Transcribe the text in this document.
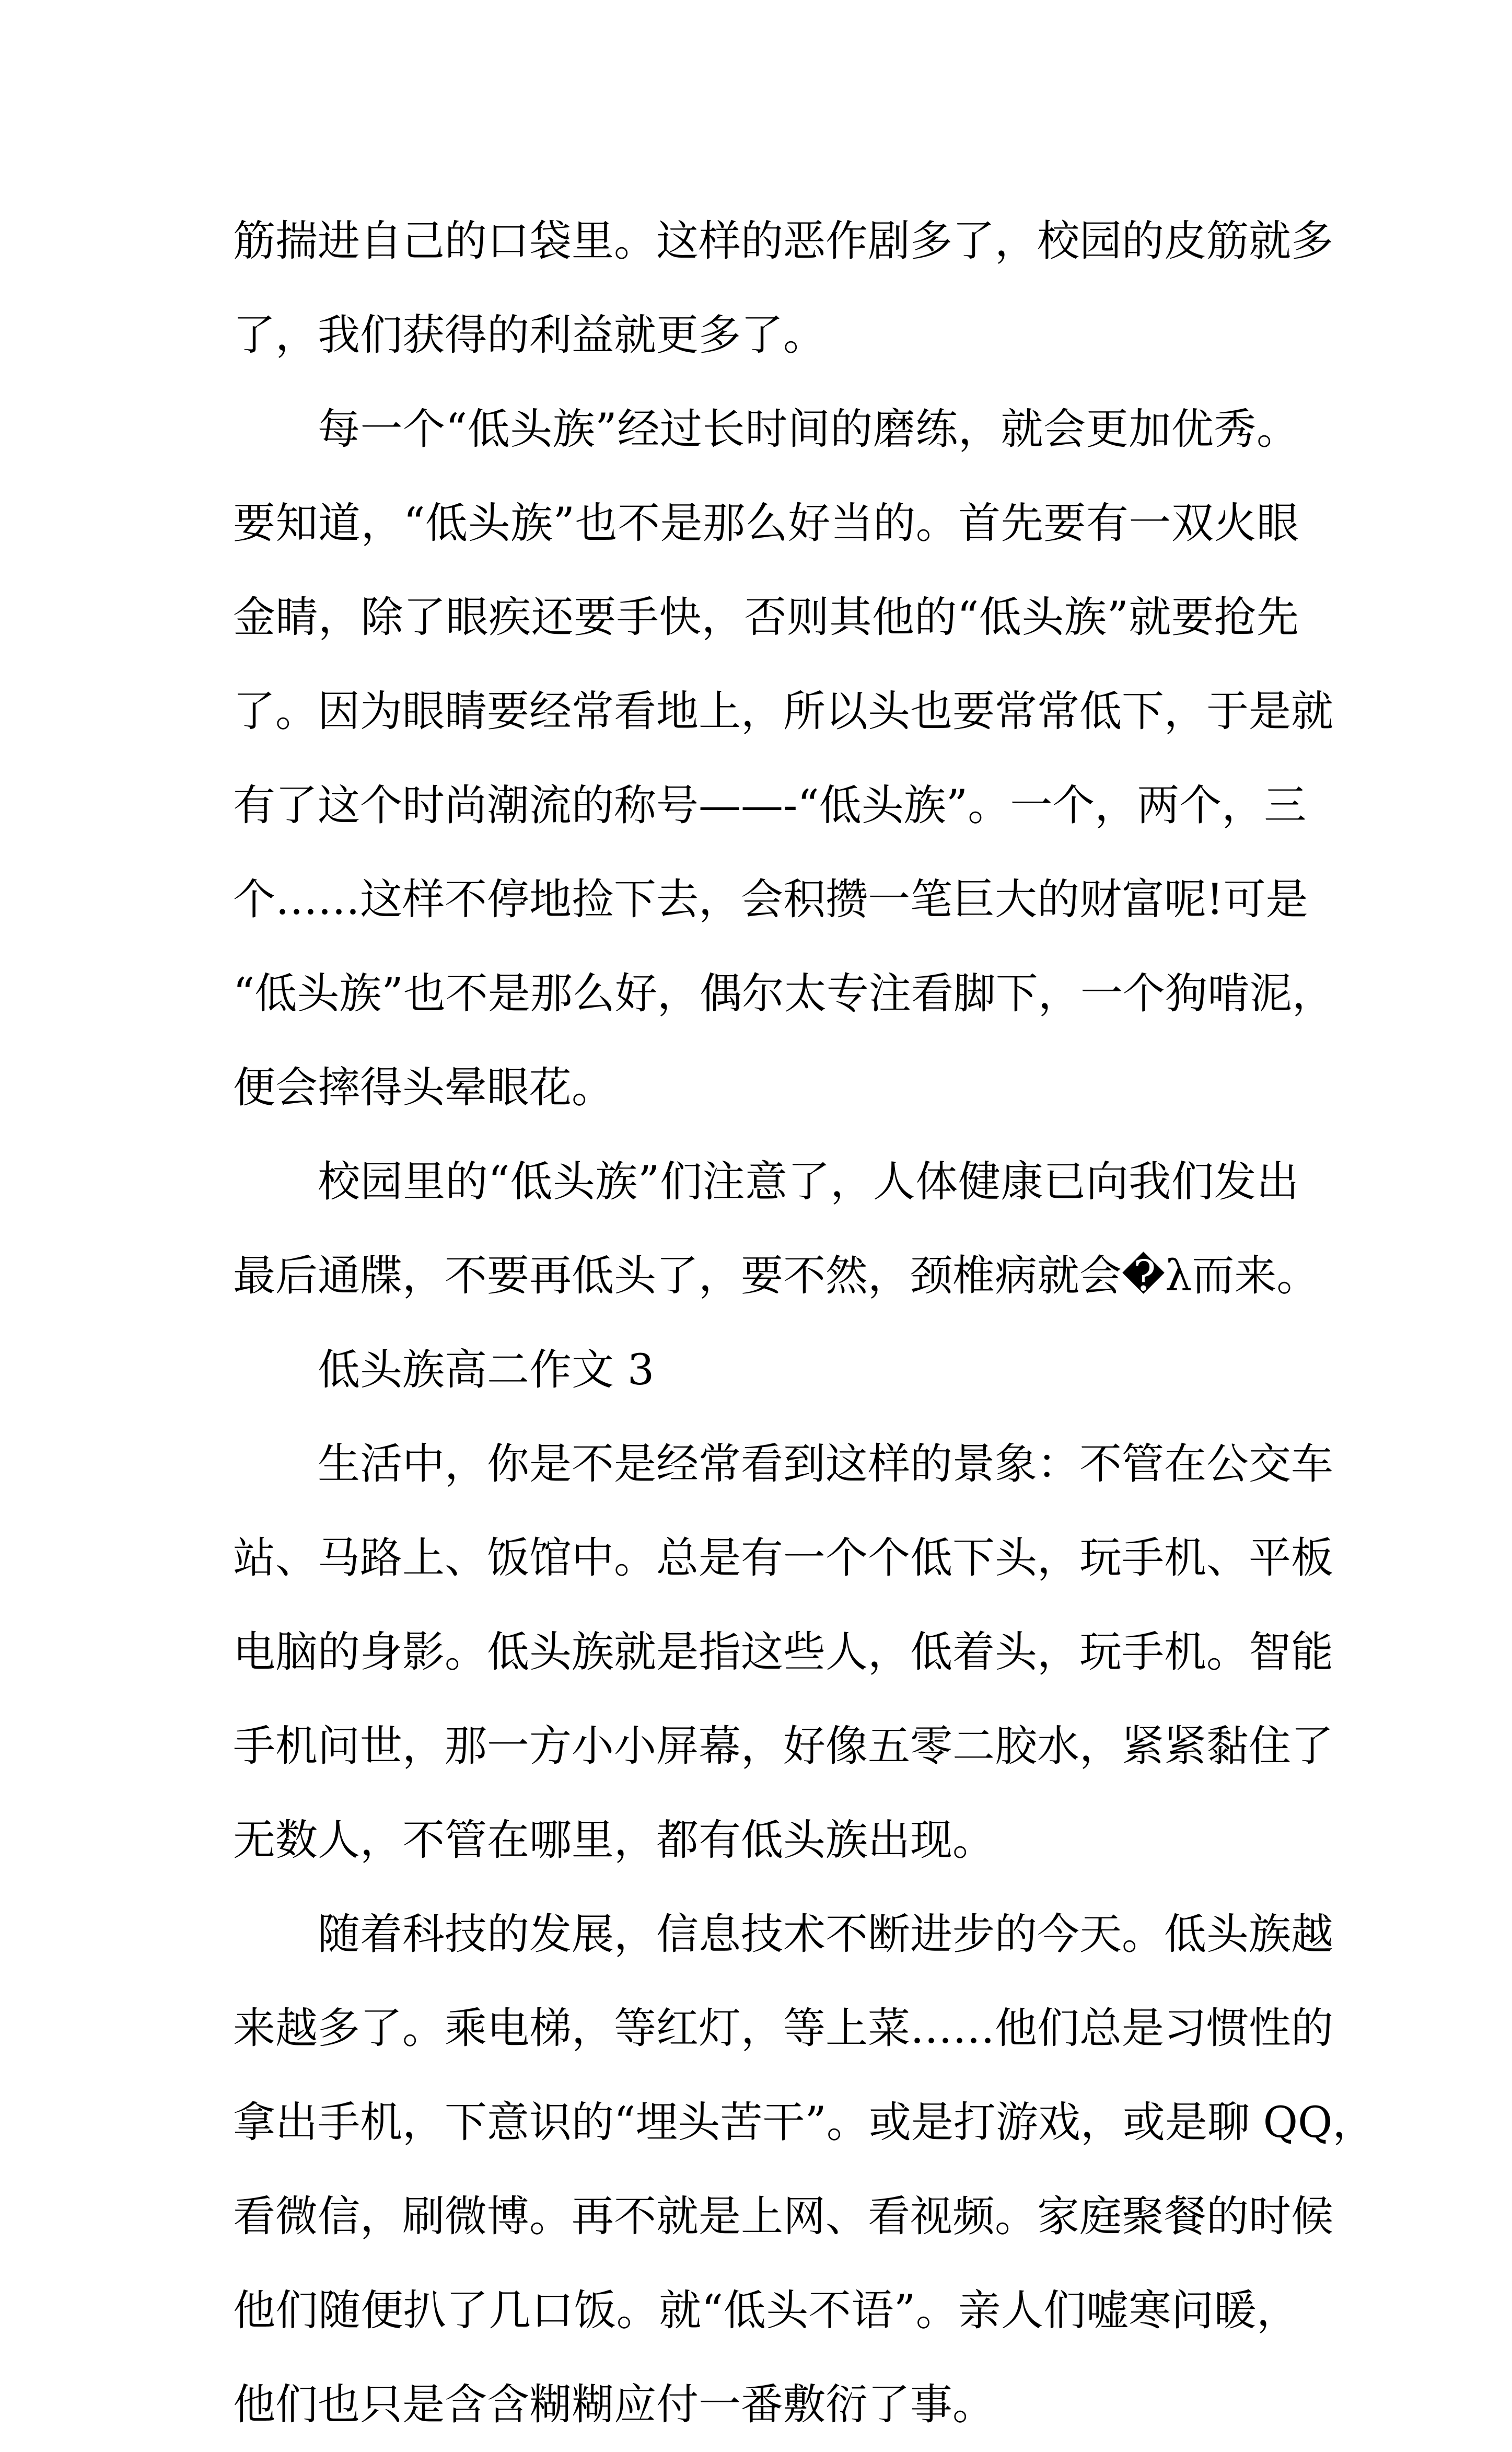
筋揣进自己的口袋里。这样的恶作剧多了，校园的皮筋就多
了，我们获得的利益就更多了。
每一个“低头族”经过长时间的磨练，就会更加优秀。
要知道，“低头族”也不是那么好当的。首先要有一双火眼
金睛，除了眼疾还要手快，否则其他的“低头族”就要抢先
了。因为眼睛要经常看地上，所以头也要常常低下，于是就
有了这个时尚潮流的称号——-“低头族”。一个，两个，三
个……这样不停地捡下去，会积攒一笔巨大的财富呢!可是
“低头族”也不是那么好，偶尔太专注看脚下，一个狗啃泥，
便会摔得头晕眼花。
校园里的“低头族”们注意了，人体健康已向我们发出
最后通牒，不要再低头了，要不然，颈椎病就会�λ而来。
低头族高二作文 3
生活中，你是不是经常看到这样的景象：不管在公交车
站、马路上、饭馆中。总是有一个个低下头，玩手机、平板
电脑的身影。低头族就是指这些人，低着头，玩手机。智能
手机问世，那一方小小屏幕，好像五零二胶水，紧紧黏住了
无数人，不管在哪里，都有低头族出现。
随着科技的发展，信息技术不断进步的今天。低头族越
来越多了。乘电梯，等红灯，等上菜……他们总是习惯性的
拿出手机，下意识的“埋头苦干”。或是打游戏，或是聊 QQ，
看微信，刷微博。再不就是上网、看视频。家庭聚餐的时候
他们随便扒了几口饭。就“低头不语”。亲人们嘘寒问暖，
他们也只是含含糊糊应付一番敷衍了事。
